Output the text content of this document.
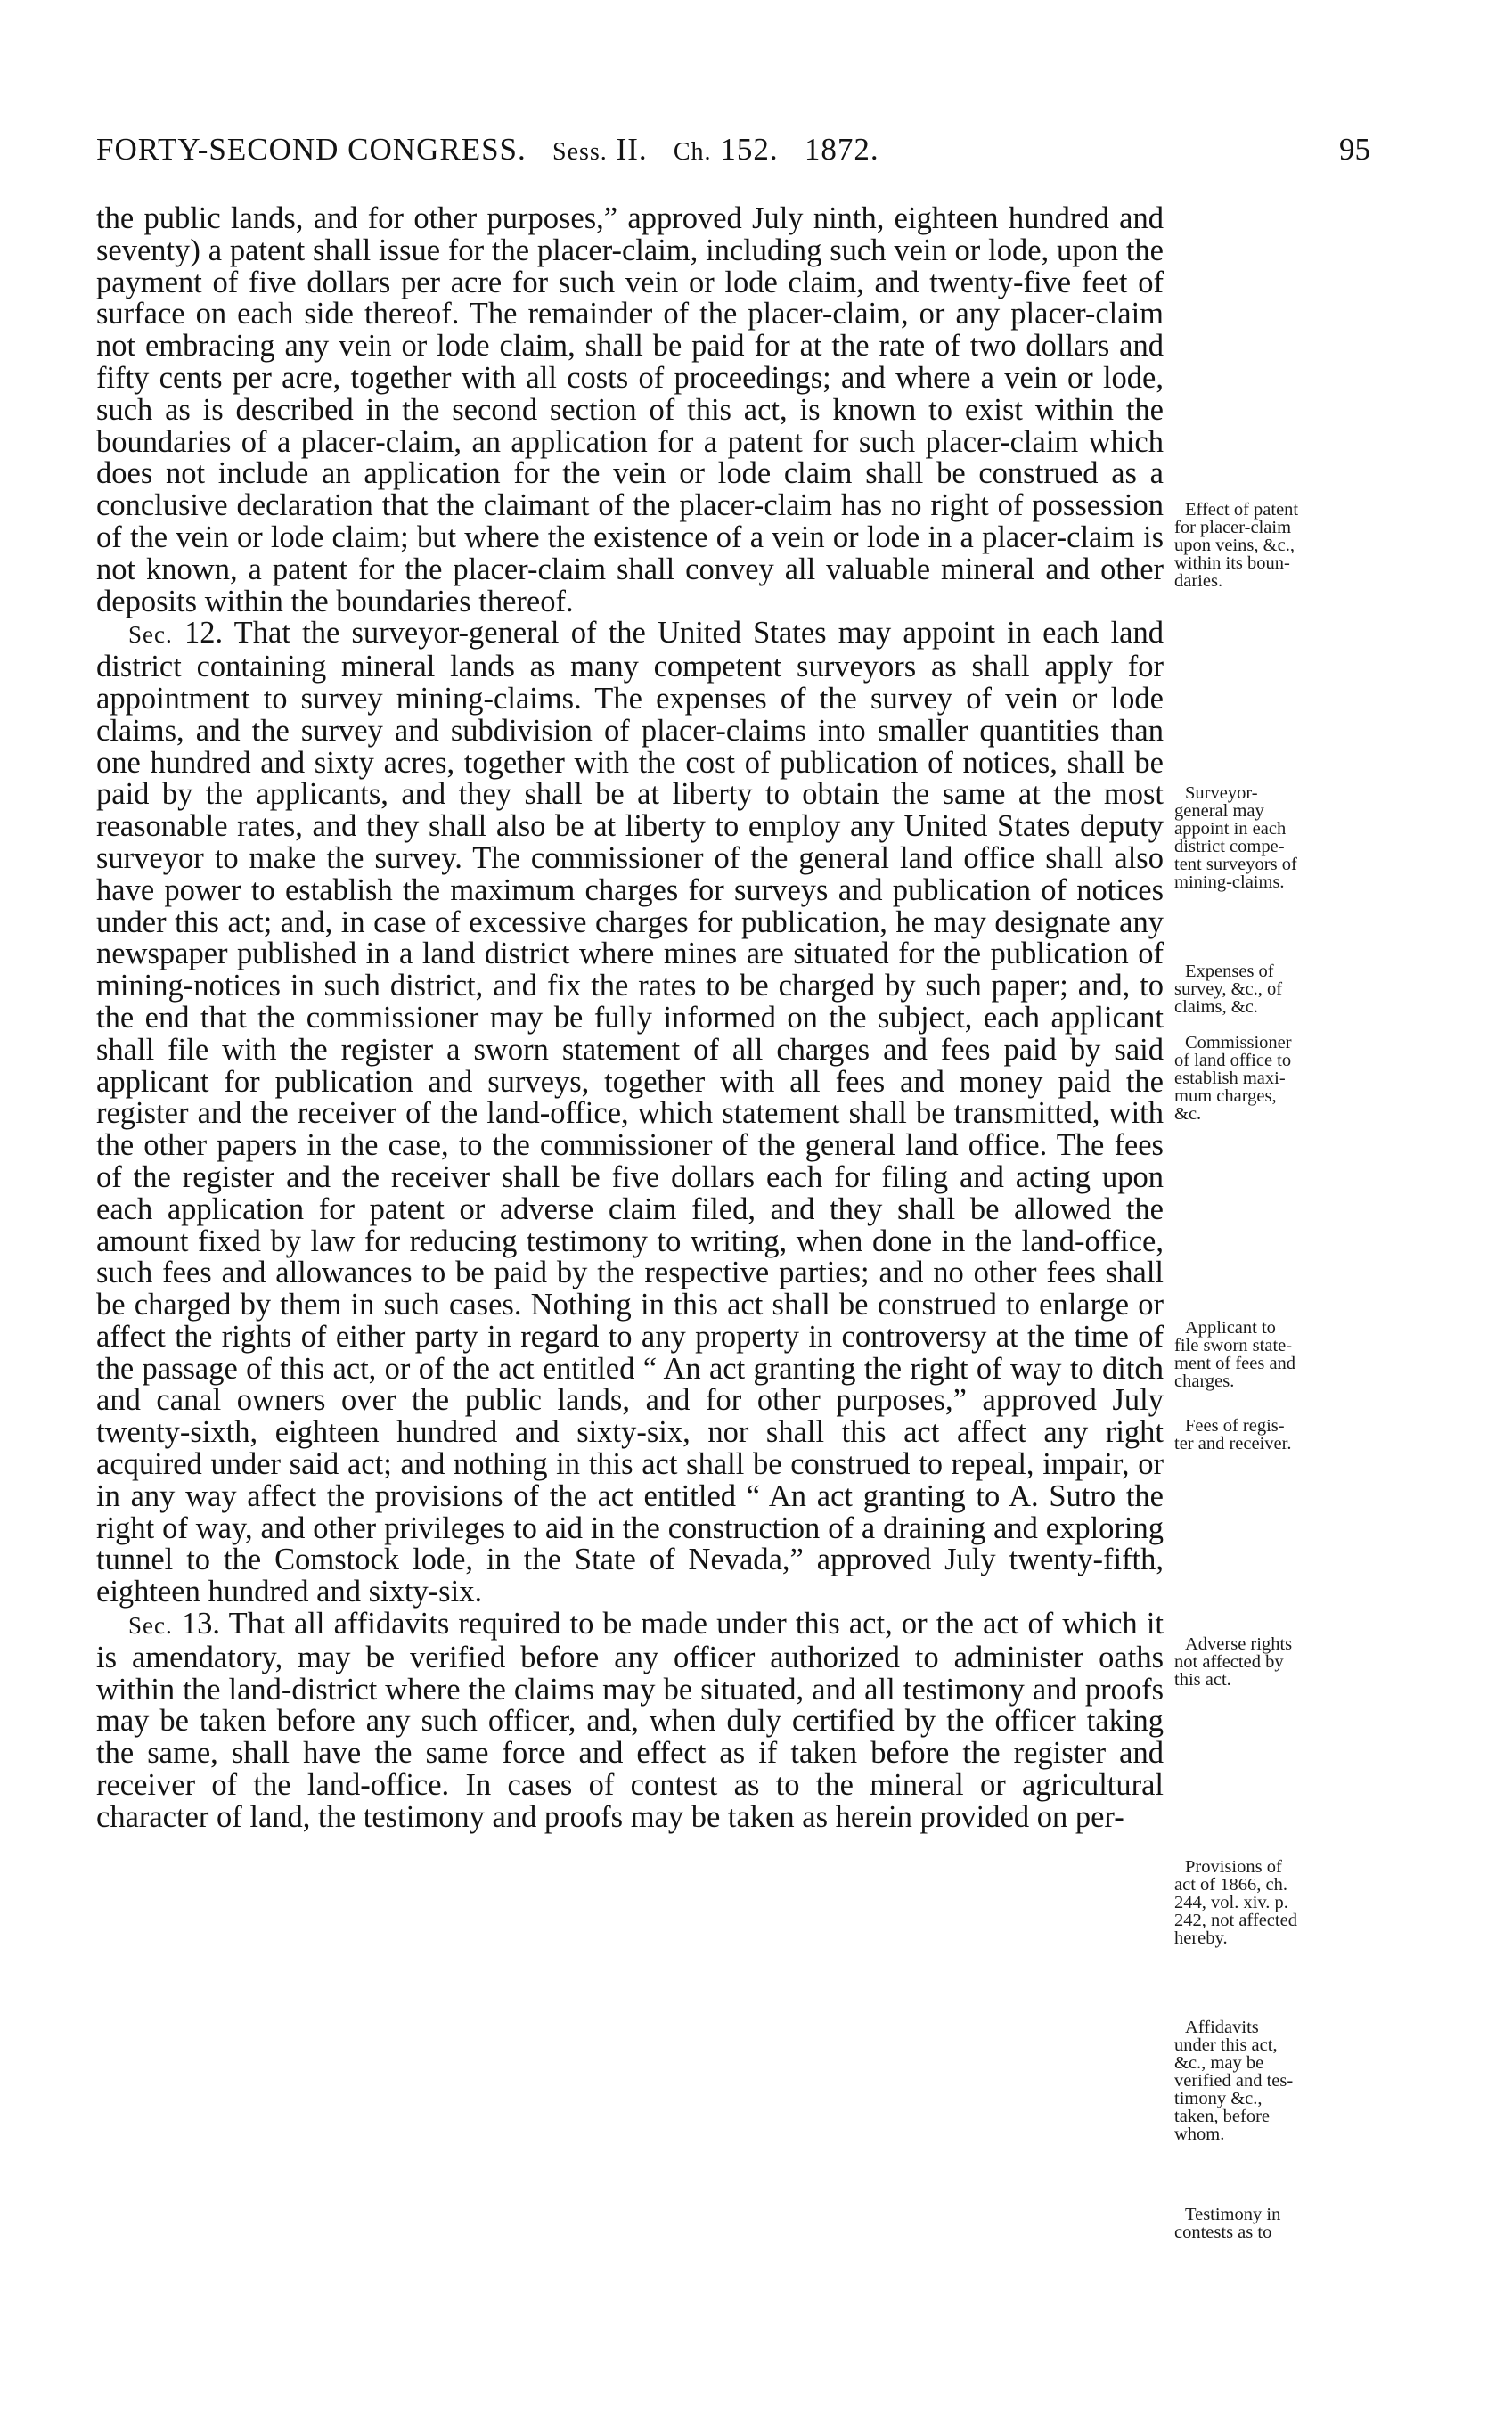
FORTY-SECOND CONGRESS. Sess. II. Ch. 152. 1872.	95

the public lands, and for other purposes,” approved July ninth, eighteen hundred and seventy) a patent shall issue for the placer-claim, including such vein or lode, upon the payment of five dollars per acre for such vein or lode claim, and twenty-five feet of surface on each side thereof. The remainder of the placer-claim, or any placer-claim not embracing any vein or lode claim, shall be paid for at the rate of two dollars and fifty cents per acre, together with all costs of proceedings; and where a vein or lode, such as is described in the second section of this act, is known to exist within the boundaries of a placer-claim, an application for a patent for such placer-claim which does not include an application for the vein or lode claim shall be construed as a conclusive declaration that the claimant of the placer-claim has no right of possession of the vein or lode claim; but where the existence of a vein or lode in a placer-claim is not known, a patent for the placer-claim shall convey all valuable mineral and other deposits within the boundaries thereof.

Sec. 12. That the surveyor-general of the United States may appoint in each land district containing mineral lands as many competent surveyors as shall apply for appointment to survey mining-claims. The expenses of the survey of vein or lode claims, and the survey and subdivision of placer-claims into smaller quantities than one hundred and sixty acres, together with the cost of publication of notices, shall be paid by the applicants, and they shall be at liberty to obtain the same at the most reasonable rates, and they shall also be at liberty to employ any United States deputy surveyor to make the survey. The commissioner of the general land office shall also have power to establish the maximum charges for surveys and publication of notices under this act; and, in case of excessive charges for publication, he may designate any newspaper published in a land district where mines are situated for the publication of mining-notices in such district, and fix the rates to be charged by such paper; and, to the end that the commissioner may be fully informed on the subject, each applicant shall file with the register a sworn statement of all charges and fees paid by said applicant for publication and surveys, together with all fees and money paid the register and the receiver of the land-office, which statement shall be transmitted, with the other papers in the case, to the commissioner of the general land office. The fees of the register and the receiver shall be five dollars each for filing and acting upon each application for patent or adverse claim filed, and they shall be allowed the amount fixed by law for reducing testimony to writing, when done in the land-office, such fees and allowances to be paid by the respective parties; and no other fees shall be charged by them in such cases. Nothing in this act shall be construed to enlarge or affect the rights of either party in regard to any property in controversy at the time of the passage of this act, or of the act entitled “ An act granting the right of way to ditch and canal owners over the public lands, and for other purposes,” approved July twenty-sixth, eighteen hundred and sixty-six, nor shall this act affect any right acquired under said act; and nothing in this act shall be construed to repeal, impair, or in any way affect the provisions of the act entitled “ An act granting to A. Sutro the right of way, and other privileges to aid in the construction of a draining and exploring tunnel to the Comstock lode, in the State of Nevada,” approved July twenty-fifth, eighteen hundred and sixty-six.

Sec. 13. That all affidavits required to be made under this act, or the act of which it is amendatory, may be verified before any officer authorized to administer oaths within the land-district where the claims may be situated, and all testimony and proofs may be taken before any such officer, and, when duly certified by the officer taking the same, shall have the same force and effect as if taken before the register and receiver of the land-office. In cases of contest as to the mineral or agricultural character of land, the testimony and proofs may be taken as herein provided on per-

Effect of patent
for placer-claim
upon veins, &c.,
within its boun-
daries.
Surveyor-
general may
appoint in each
district compe-
tent surveyors of
mining-claims.
Expenses of
survey, &c., of
claims, &c.
Commissioner
of land office to
establish maxi-
mum charges,
&c.
Applicant to
file sworn state-
ment of fees and
charges.
Fees of regis-
ter and receiver.
Adverse rights
not affected by
this act.
Provisions of
act of 1866, ch.
244, vol. xiv. p.
242, not affected
hereby.
Affidavits
under this act,
&c., may be
verified and tes-
timony &c.,
taken, before
whom.
Testimony in
contests as to
